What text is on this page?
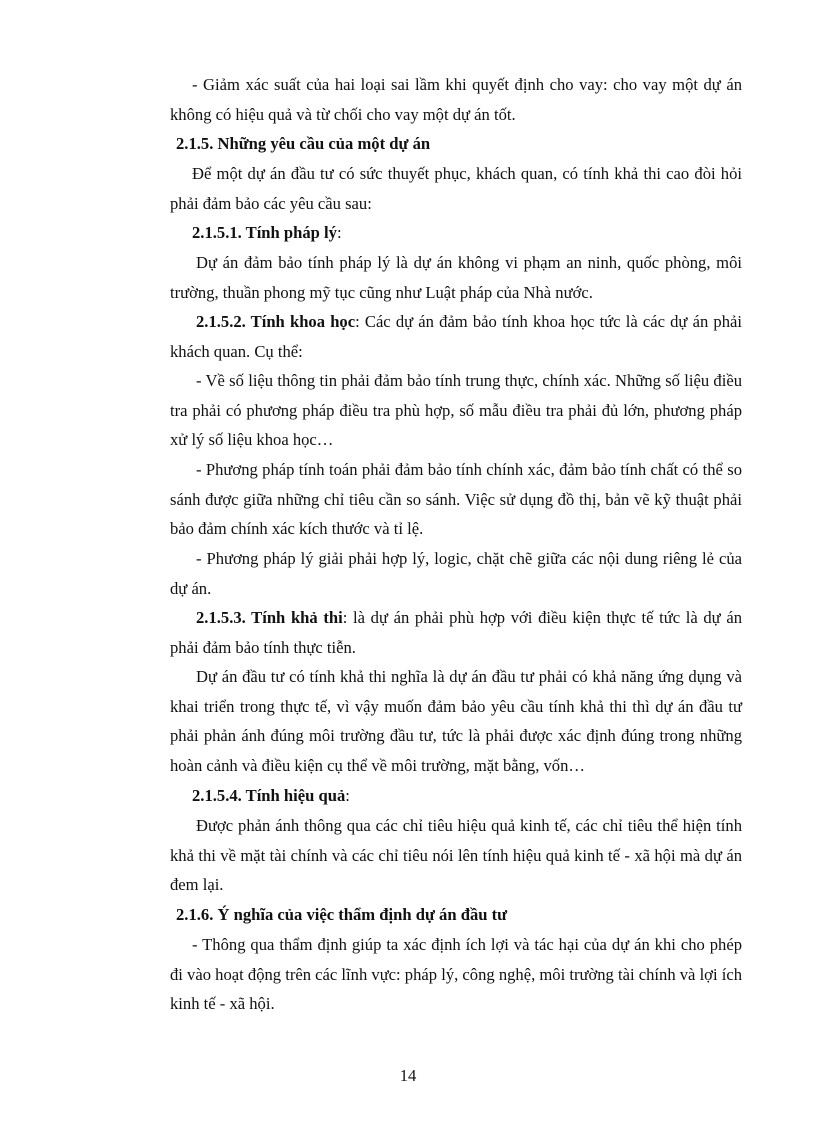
- Giảm xác suất của hai loại sai lầm khi quyết định cho vay: cho vay một dự án không có hiệu quả và từ chối cho vay một dự án tốt.

2.1.5. Những yêu cầu của một dự án

Để một dự án đầu tư có sức thuyết phục, khách quan, có tính khả thi cao đòi hỏi phải đảm bảo các yêu cầu sau:

2.1.5.1. Tính pháp lý:

Dự án đảm bảo tính pháp lý là dự án không vi phạm an ninh, quốc phòng, môi trường, thuần phong mỹ tục cũng như Luật pháp của Nhà nước.

2.1.5.2. Tính khoa học: Các dự án đảm bảo tính khoa học tức là các dự án phải khách quan. Cụ thể:

- Về số liệu thông tin phải đảm bảo tính trung thực, chính xác. Những số liệu điều tra phải có phương pháp điều tra phù hợp, số mẫu điều tra phải đủ lớn, phương pháp xử lý số liệu khoa học…

- Phương pháp tính toán phải đảm bảo tính chính xác, đảm bảo tính chất có thể so sánh được giữa những chỉ tiêu cần so sánh. Việc sử dụng đồ thị, bản vẽ kỹ thuật phải bảo đảm chính xác kích thước và tỉ lệ.

- Phương pháp lý giải phải hợp lý, logic, chặt chẽ giữa các nội dung riêng lẻ của dự án.

2.1.5.3. Tính khả thi: là dự án phải phù hợp với điều kiện thực tế tức là dự án phải đảm bảo tính thực tiễn.

Dự án đầu tư có tính khả thi nghĩa là dự án đầu tư phải có khả năng ứng dụng và khai triển trong thực tế, vì vậy muốn đảm bảo yêu cầu tính khả thi thì dự án đầu tư phải phản ánh đúng môi trường đầu tư, tức là phải được xác định đúng trong những hoàn cảnh và điều kiện cụ thể về môi trường, mặt bằng, vốn…

2.1.5.4. Tính hiệu quả:

Được phản ánh thông qua các chỉ tiêu hiệu quả kinh tế, các chỉ tiêu thể hiện tính khả thi về mặt tài chính và các chỉ tiêu nói lên tính hiệu quả kinh tế - xã hội mà dự án đem lại.

2.1.6. Ý nghĩa của việc thẩm định dự án đầu tư

- Thông qua thẩm định giúp ta xác định ích lợi và tác hại của dự án khi cho phép đi vào hoạt động trên các lĩnh vực: pháp lý, công nghệ, môi trường tài chính và lợi ích kinh tế - xã hội.

14
